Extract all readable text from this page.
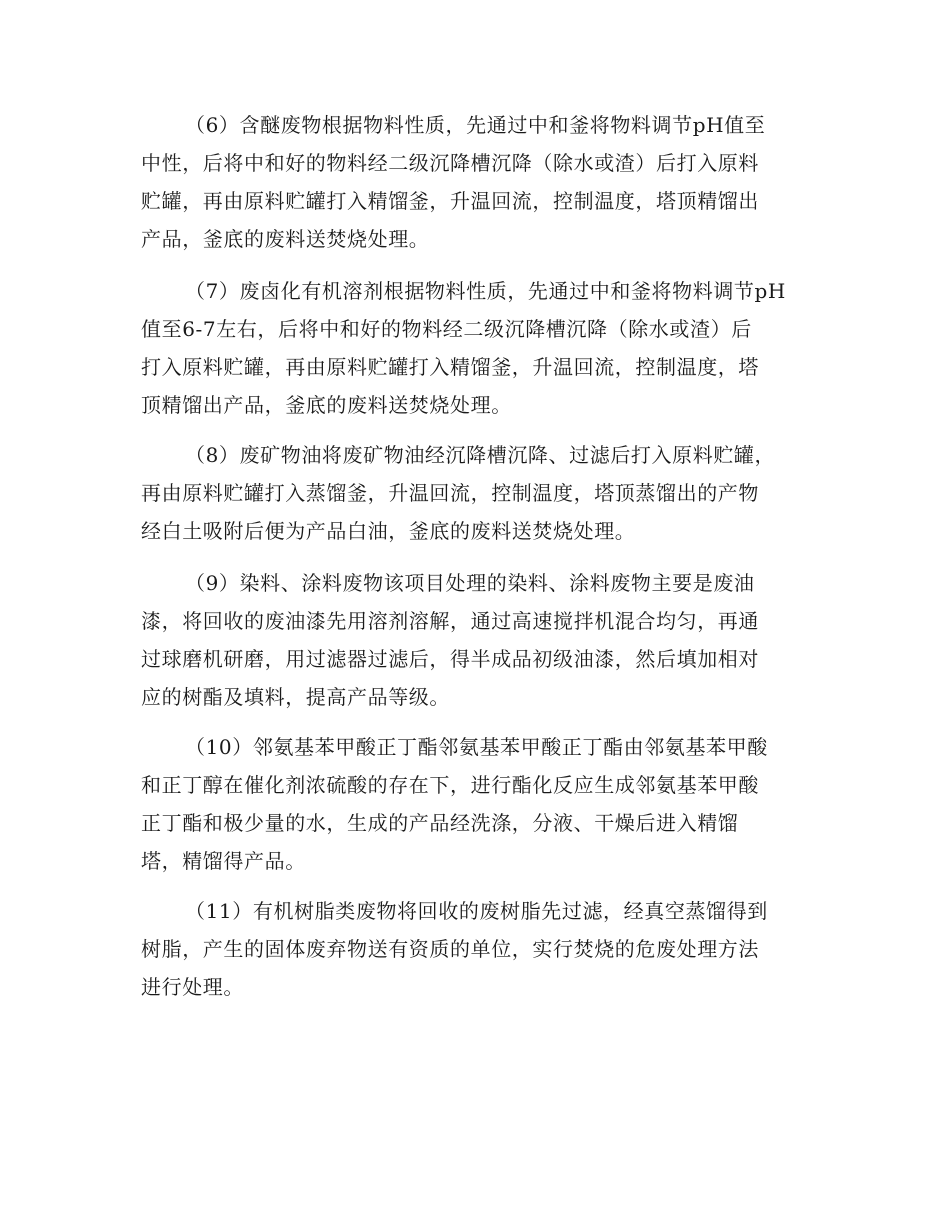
（6）含醚废物根据物料性质，先通过中和釜将物料调节pH值至
中性，后将中和好的物料经二级沉降槽沉降（除水或渣）后打入原料
贮罐，再由原料贮罐打入精馏釜，升温回流，控制温度，塔顶精馏出
产品，釜底的废料送焚烧处理。
（7）废卤化有机溶剂根据物料性质，先通过中和釜将物料调节pH
值至6-7左右，后将中和好的物料经二级沉降槽沉降（除水或渣）后
打入原料贮罐，再由原料贮罐打入精馏釜，升温回流，控制温度，塔
顶精馏出产品，釜底的废料送焚烧处理。
（8）废矿物油将废矿物油经沉降槽沉降、过滤后打入原料贮罐，
再由原料贮罐打入蒸馏釜，升温回流，控制温度，塔顶蒸馏出的产物
经白土吸附后便为产品白油，釜底的废料送焚烧处理。
（9）染料、涂料废物该项目处理的染料、涂料废物主要是废油
漆，将回收的废油漆先用溶剂溶解，通过高速搅拌机混合均匀，再通
过球磨机研磨，用过滤器过滤后，得半成品初级油漆，然后填加相对
应的树酯及填料，提高产品等级。
（10）邻氨基苯甲酸正丁酯邻氨基苯甲酸正丁酯由邻氨基苯甲酸
和正丁醇在催化剂浓硫酸的存在下，进行酯化反应生成邻氨基苯甲酸
正丁酯和极少量的水，生成的产品经洗涤，分液、干燥后进入精馏
塔，精馏得产品。
（11）有机树脂类废物将回收的废树脂先过滤，经真空蒸馏得到
树脂，产生的固体废弃物送有资质的单位，实行焚烧的危废处理方法
进行处理。
